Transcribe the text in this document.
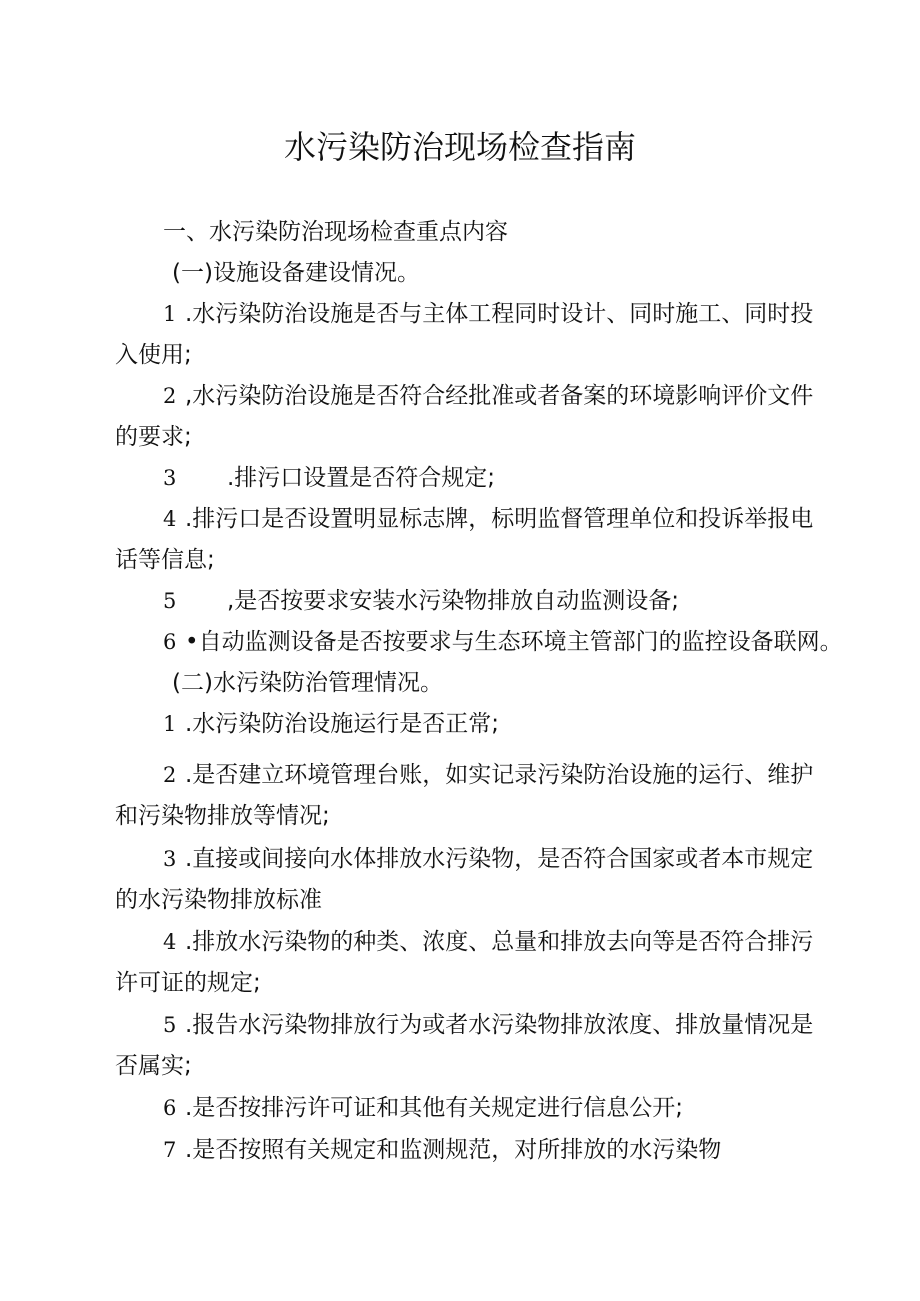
水污染防治现场检查指南
一、水污染防治现场检查重点内容
(一)设施设备建设情况。
1 .水污染防治设施是否与主体工程同时设计、同时施工、同时投
入使用;
2 ,水污染防治设施是否符合经批准或者备案的环境影响评价文件
的要求;
3 .排污口设置是否符合规定;
4 .排污口是否设置明显标志牌，标明监督管理单位和投诉举报电
话等信息;
5 ,是否按要求安装水污染物排放自动监测设备;
6 •自动监测设备是否按要求与生态环境主管部门的监控设备联网。
(二)水污染防治管理情况。
1 .水污染防治设施运行是否正常;
2 .是否建立环境管理台账，如实记录污染防治设施的运行、维护
和污染物排放等情况;
3 .直接或间接向水体排放水污染物，是否符合国家或者本市规定
的水污染物排放标准
4 .排放水污染物的种类、浓度、总量和排放去向等是否符合排污
许可证的规定;
5 .报告水污染物排放行为或者水污染物排放浓度、排放量情况是
否属实;
6 .是否按排污许可证和其他有关规定进行信息公开;
7 .是否按照有关规定和监测规范，对所排放的水污染物
